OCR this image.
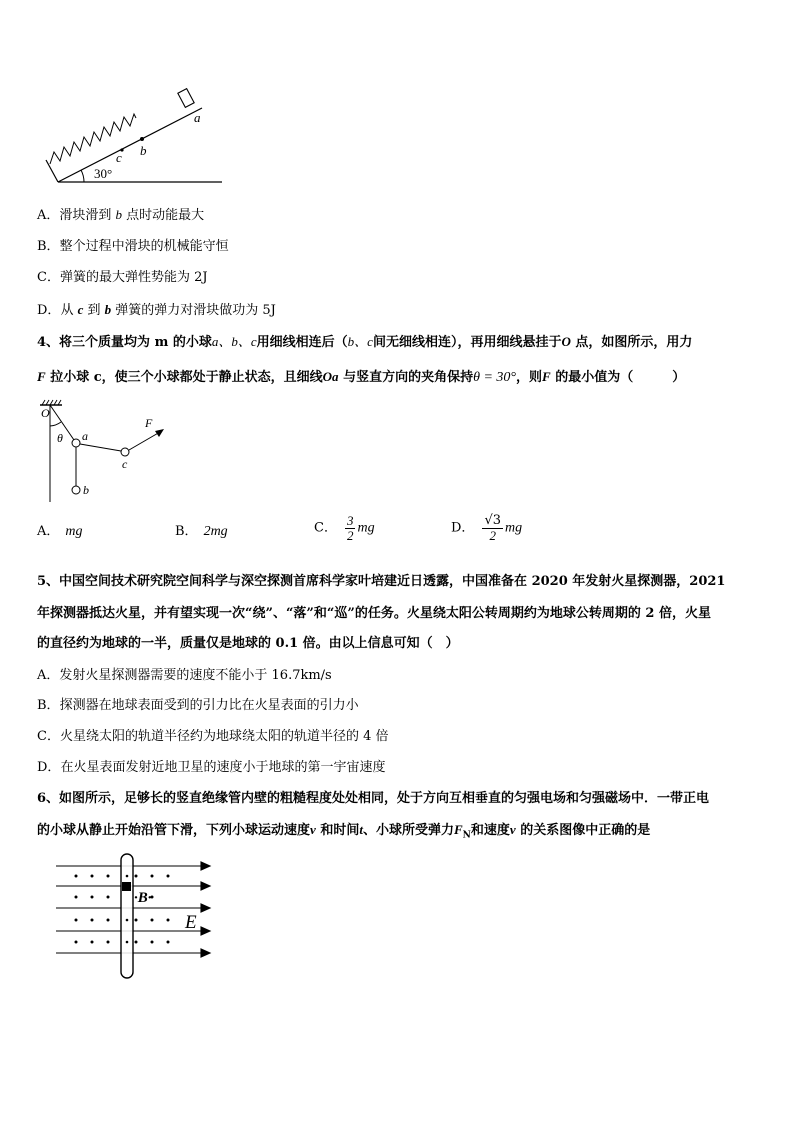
a
b
c
30°
A．滑块滑到 b 点时动能最大
B．整个过程中滑块的机械能守恒
C．弹簧的最大弹性势能为 2J
D．从 c 到 b 弹簧的弹力对滑块做功为 5J
4、将三个质量均为 m 的小球a、b、c用细线相连后（b、c间无细线相连），再用细线悬挂于O 点，如图所示，用力
F 拉小球 c，使三个小球都处于静止状态，且细线Oa 与竖直方向的夹角保持θ = 30°，则F 的最小值为（　　　）
O
θ a
b
c
F
A． mg	B． 2mg	C． $\frac{3}{2}$ mg	D． $\frac{√3}{2}$ mg
5、中国空间技术研究院空间科学与深空探测首席科学家叶培建近日透露，中国准备在 2020 年发射火星探测器，2021
年探测器抵达火星，并有望实现一次“绕”、“落”和“巡”的任务。火星绕太阳公转周期约为地球公转周期的 2 倍，火星
的直径约为地球的一半，质量仅是地球的 0.1 倍。由以上信息可知（　）
A．发射火星探测器需要的速度不能小于 16.7km/s
B．探测器在地球表面受到的引力比在火星表面的引力小
C．火星绕太阳的轨道半径约为地球绕太阳的轨道半径的 4 倍
D．在火星表面发射近地卫星的速度小于地球的第一宇宙速度
6、如图所示，足够长的竖直绝缘管内壁的粗糙程度处处相同，处于方向互相垂直的匀强电场和匀强磁场中．一带正电
的小球从静止开始沿管下滑，下列小球运动速度v 和时间t、小球所受弹力$F_N$和速度v 的关系图像中正确的是
·B·
E
